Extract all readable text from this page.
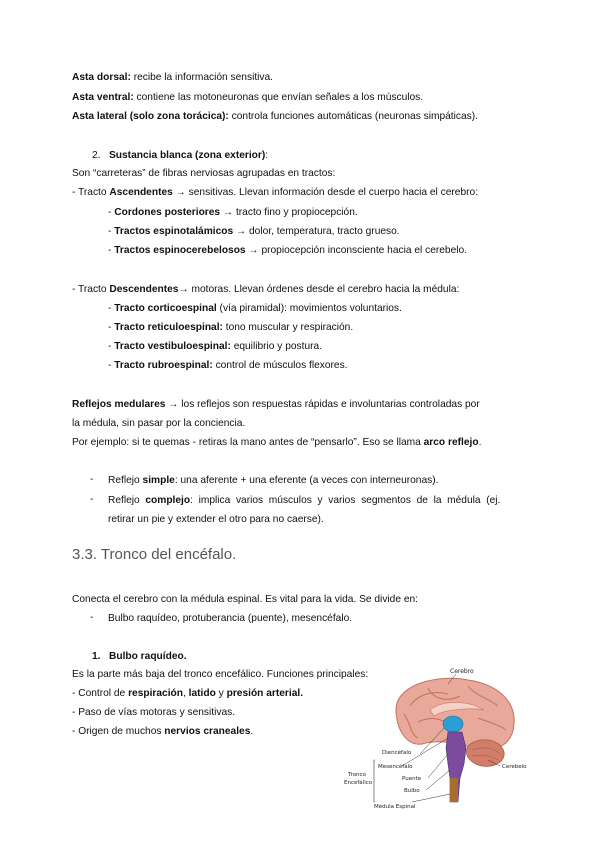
Asta dorsal: recibe la información sensitiva.
Asta ventral: contiene las motoneuronas que envían señales a los músculos.
Asta lateral (solo zona torácica): controla funciones automáticas (neuronas simpáticas).
2. Sustancia blanca (zona exterior):
Son “carreteras” de fibras nerviosas agrupadas en tractos:
- Tracto Ascendentes → sensitivas. Llevan información desde el cuerpo hacia el cerebro:
- Cordones posteriores → tracto fino y propiocepción.
- Tractos espinotalámicos → dolor, temperatura, tracto grueso.
- Tractos espinocerebelosos → propiocepción inconsciente hacia el cerebelo.
- Tracto Descendentes→ motoras. Llevan órdenes desde el cerebro hacia la médula:
- Tracto corticoespinal (vía piramidal): movimientos voluntarios.
- Tracto reticuloespinal: tono muscular y respiración.
- Tracto vestibuloespinal: equilibrio y postura.
- Tracto rubroespinal: control de músculos flexores.
Reflejos medulares → los reflejos son respuestas rápidas e involuntarias controladas por
la médula, sin pasar por la conciencia.
Por ejemplo: si te quemas - retiras la mano antes de “pensarlo”. Eso se llama arco reflejo.
- Reflejo simple: una aferente + una eferente (a veces con interneuronas).
- Reflejo  complejo:  implica  varios  músculos  y  varios  segmentos  de  la  médula  (ej.
retirar un pie y extender el otro para no caerse).
3.3. Tronco del encéfalo.
Conecta el cerebro con la médula espinal. Es vital para la vida. Se divide en:
- Bulbo raquídeo, protuberancia (puente), mesencéfalo.
1. Bulbo raquídeo.
Es la parte más baja del tronco encefálico. Funciones principales:
- Control de respiración, latido y presión arterial.
- Paso de vías motoras y sensitivas.
- Origen de muchos nervios craneales.
Cerebro
Diencéfalo
Mesencéfalo
Puente
Bulbo
Médula Espinal
Cerebelo
Tronco
Encefálico
